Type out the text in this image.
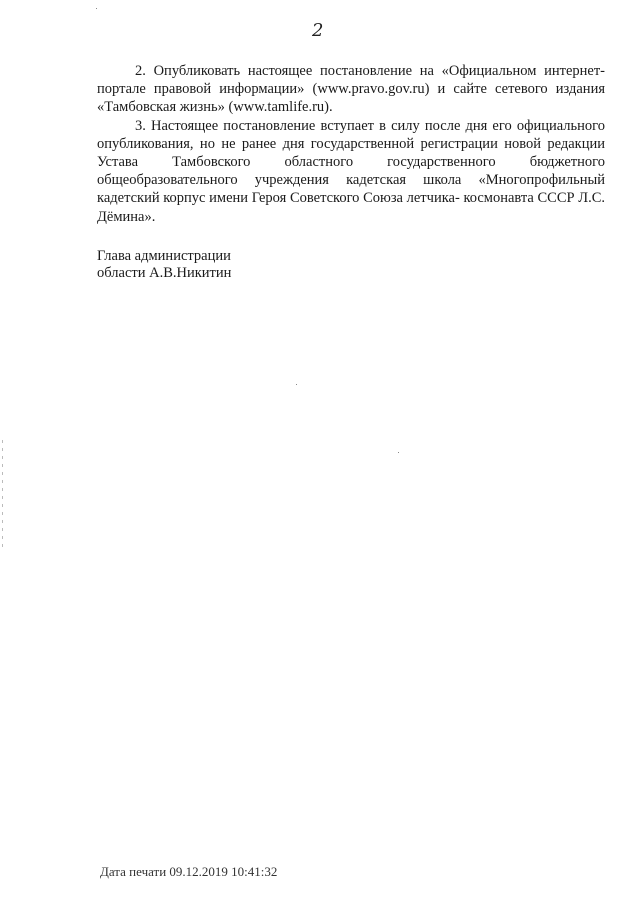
2

2. Опубликовать настоящее постановление на «Официальном интернет-портале правовой информации» (www.pravo.gov.ru) и сайте сетевого издания «Тамбовская жизнь» (www.tamlife.ru).

3. Настоящее постановление вступает в силу после дня его официального опубликования, но не ранее дня государственной регистрации новой редакции Устава Тамбовского областного государственного бюджетного общеобразовательного учреждения кадетская школа «Многопрофильный кадетский корпус имени Героя Советского Союза летчика- космонавта СССР Л.С. Дёмина».

Глава администрации
области А.В.Никитин
Дата печати 09.12.2019 10:41:32
